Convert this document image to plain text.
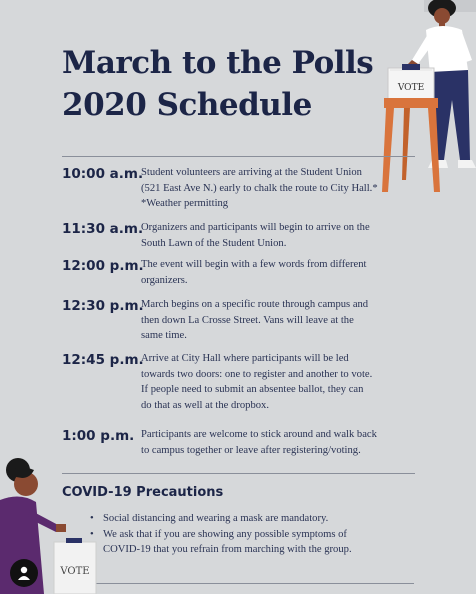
March to the Polls
2020 Schedule	VOTE
10:00 a.m.
Student volunteers are arriving at the Student Union
(521 East Ave N.) early to chalk the route to City Hall.*
*Weather permitting
11:30 a.m.
Organizers and participants will begin to arrive on the
South Lawn of the Student Union.
12:00 p.m.
The event will begin with a few words from different
organizers.
12:30 p.m.
March begins on a specific route through campus and
then down La Crosse Street. Vans will leave at the
same time.
12:45 p.m.
Arrive at City Hall where participants will be led
towards two doors: one to register and another to vote.
If people need to submit an absentee ballot, they can
do that as well at the dropbox.
1:00 p.m. Participants are welcome to stick around and walk back
to campus together or leave after registering/voting.
COVID-19 Precautions
• Social distancing and wearing a mask are mandatory.
• We ask that if you are showing any possible symptoms of
COVID-19 that you refrain from marching with the group.
VOTE
